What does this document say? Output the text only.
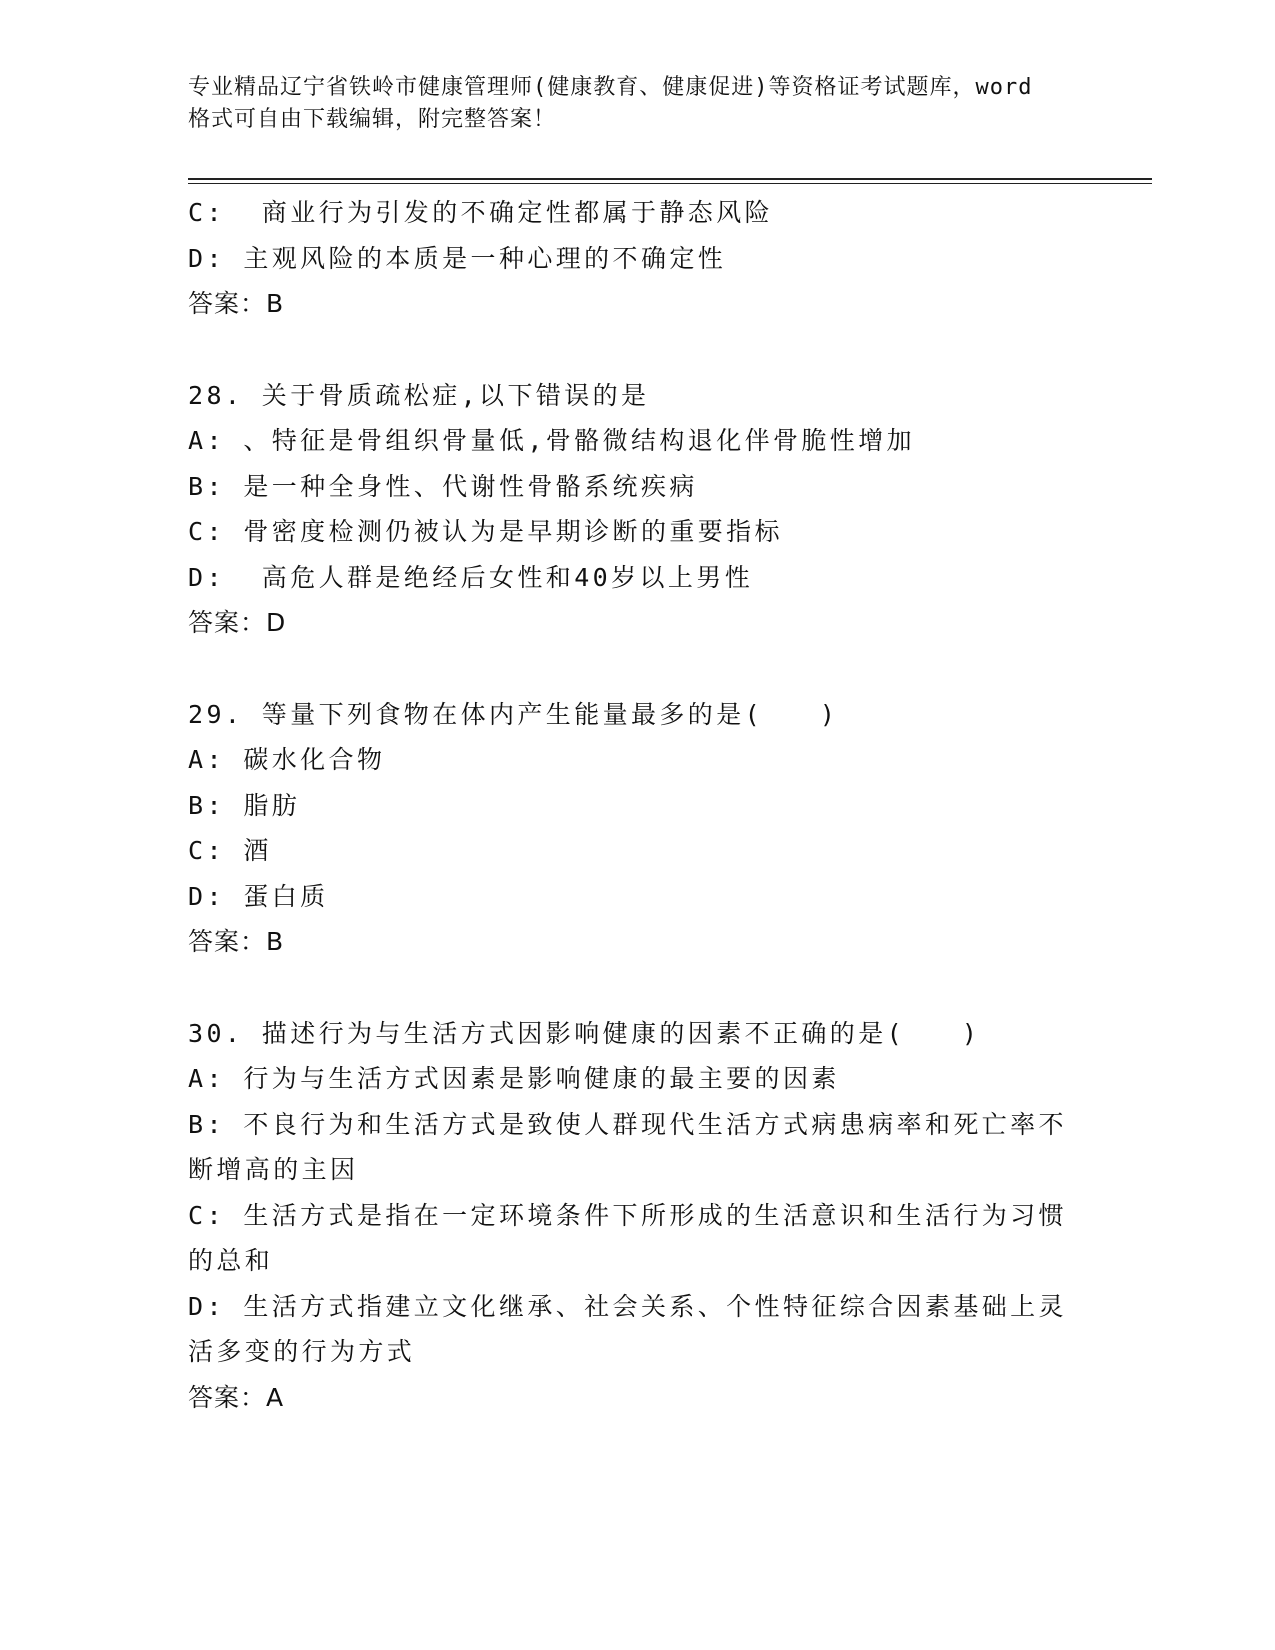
专业精品辽宁省铁岭市健康管理师(健康教育、健康促进)等资格证考试题库，word
格式可自由下载编辑，附完整答案！

C:  商业行为引发的不确定性都属于静态风险

D: 主观风险的本质是一种心理的不确定性

答案：B

28. 关于骨质疏松症,以下错误的是

A: 、特征是骨组织骨量低,骨骼微结构退化伴骨脆性增加

B: 是一种全身性、代谢性骨骼系统疾病

C: 骨密度检测仍被认为是早期诊断的重要指标

D:  高危人群是绝经后女性和40岁以上男性

答案：D

29. 等量下列食物在体内产生能量最多的是(　　)

A: 碳水化合物

B: 脂肪

C: 酒

D: 蛋白质

答案：B

30. 描述行为与生活方式因影响健康的因素不正确的是(　　)

A: 行为与生活方式因素是影响健康的最主要的因素

B: 不良行为和生活方式是致使人群现代生活方式病患病率和死亡率不断增高的主因

C: 生活方式是指在一定环境条件下所形成的生活意识和生活行为习惯的总和

D: 生活方式指建立文化继承、社会关系、个性特征综合因素基础上灵活多变的行为方式

答案：A
